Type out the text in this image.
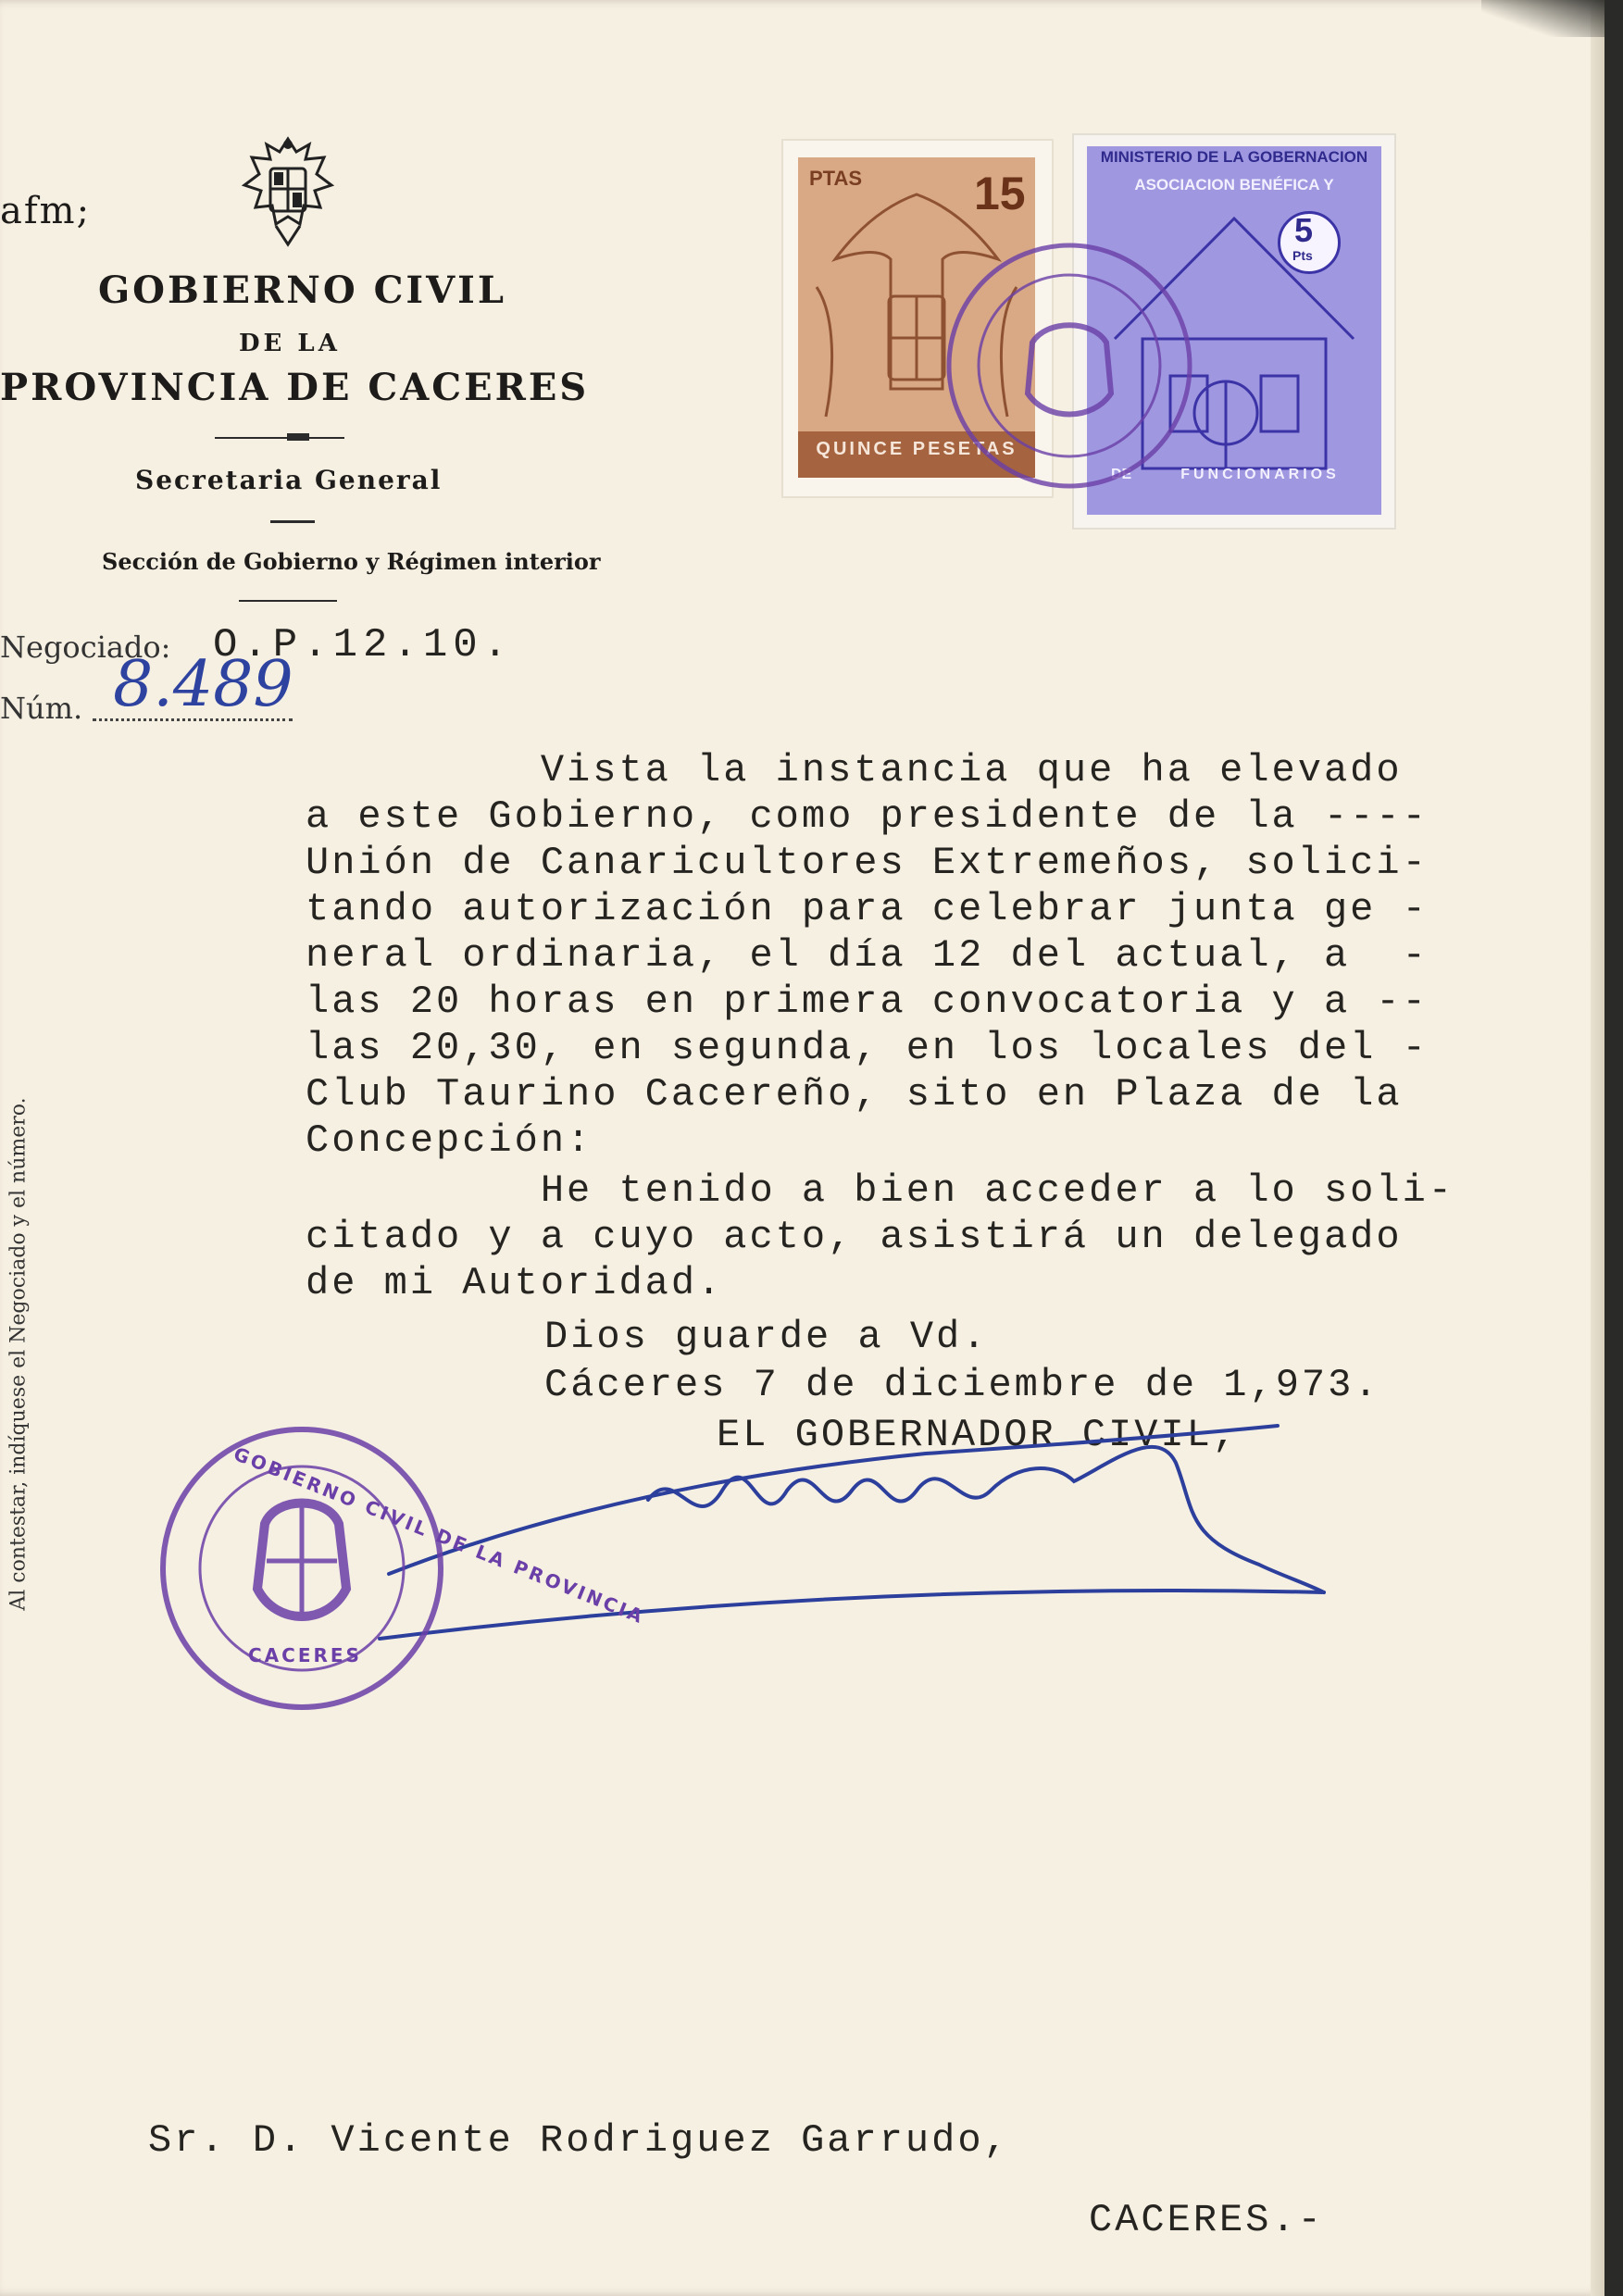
afm;
GOBIERNO CIVIL
DE LA
PROVINCIA DE CACERES
Secretaria General
Sección de Gobierno y Régimen interior
Negociado: O.P.12.10.
Núm. 8.489
Al contestar, indíquese el Negociado y el número.
PTAS 15
QUINCE PESETAS
MINISTERIO DE LA GOBERNACION
ASOCIACION BENÉFICA Y
5
Pts
DE	FUNCIONARIOS
Vista la instancia que ha elevado
a este Gobierno, como presidente de la ----
Unión de Canaricultores Extremeños, solici-
tando autorización para celebrar junta ge -
neral ordinaria, el día 12 del actual, a  -
las 20 horas en primera convocatoria y a --
las 20,30, en segunda, en los locales del -
Club Taurino Cacereño, sito en Plaza de la
Concepción:
He tenido a bien acceder a lo soli-
citado y a cuyo acto, asistirá un delegado
de mi Autoridad.
Dios guarde a Vd.
Cáceres 7 de diciembre de 1,973.
EL GOBERNADOR CIVIL,
GOBIERNO CIVIL DE LA PROVINCIA
CACERES
Sr. D. Vicente Rodriguez Garrudo,
CACERES.-
